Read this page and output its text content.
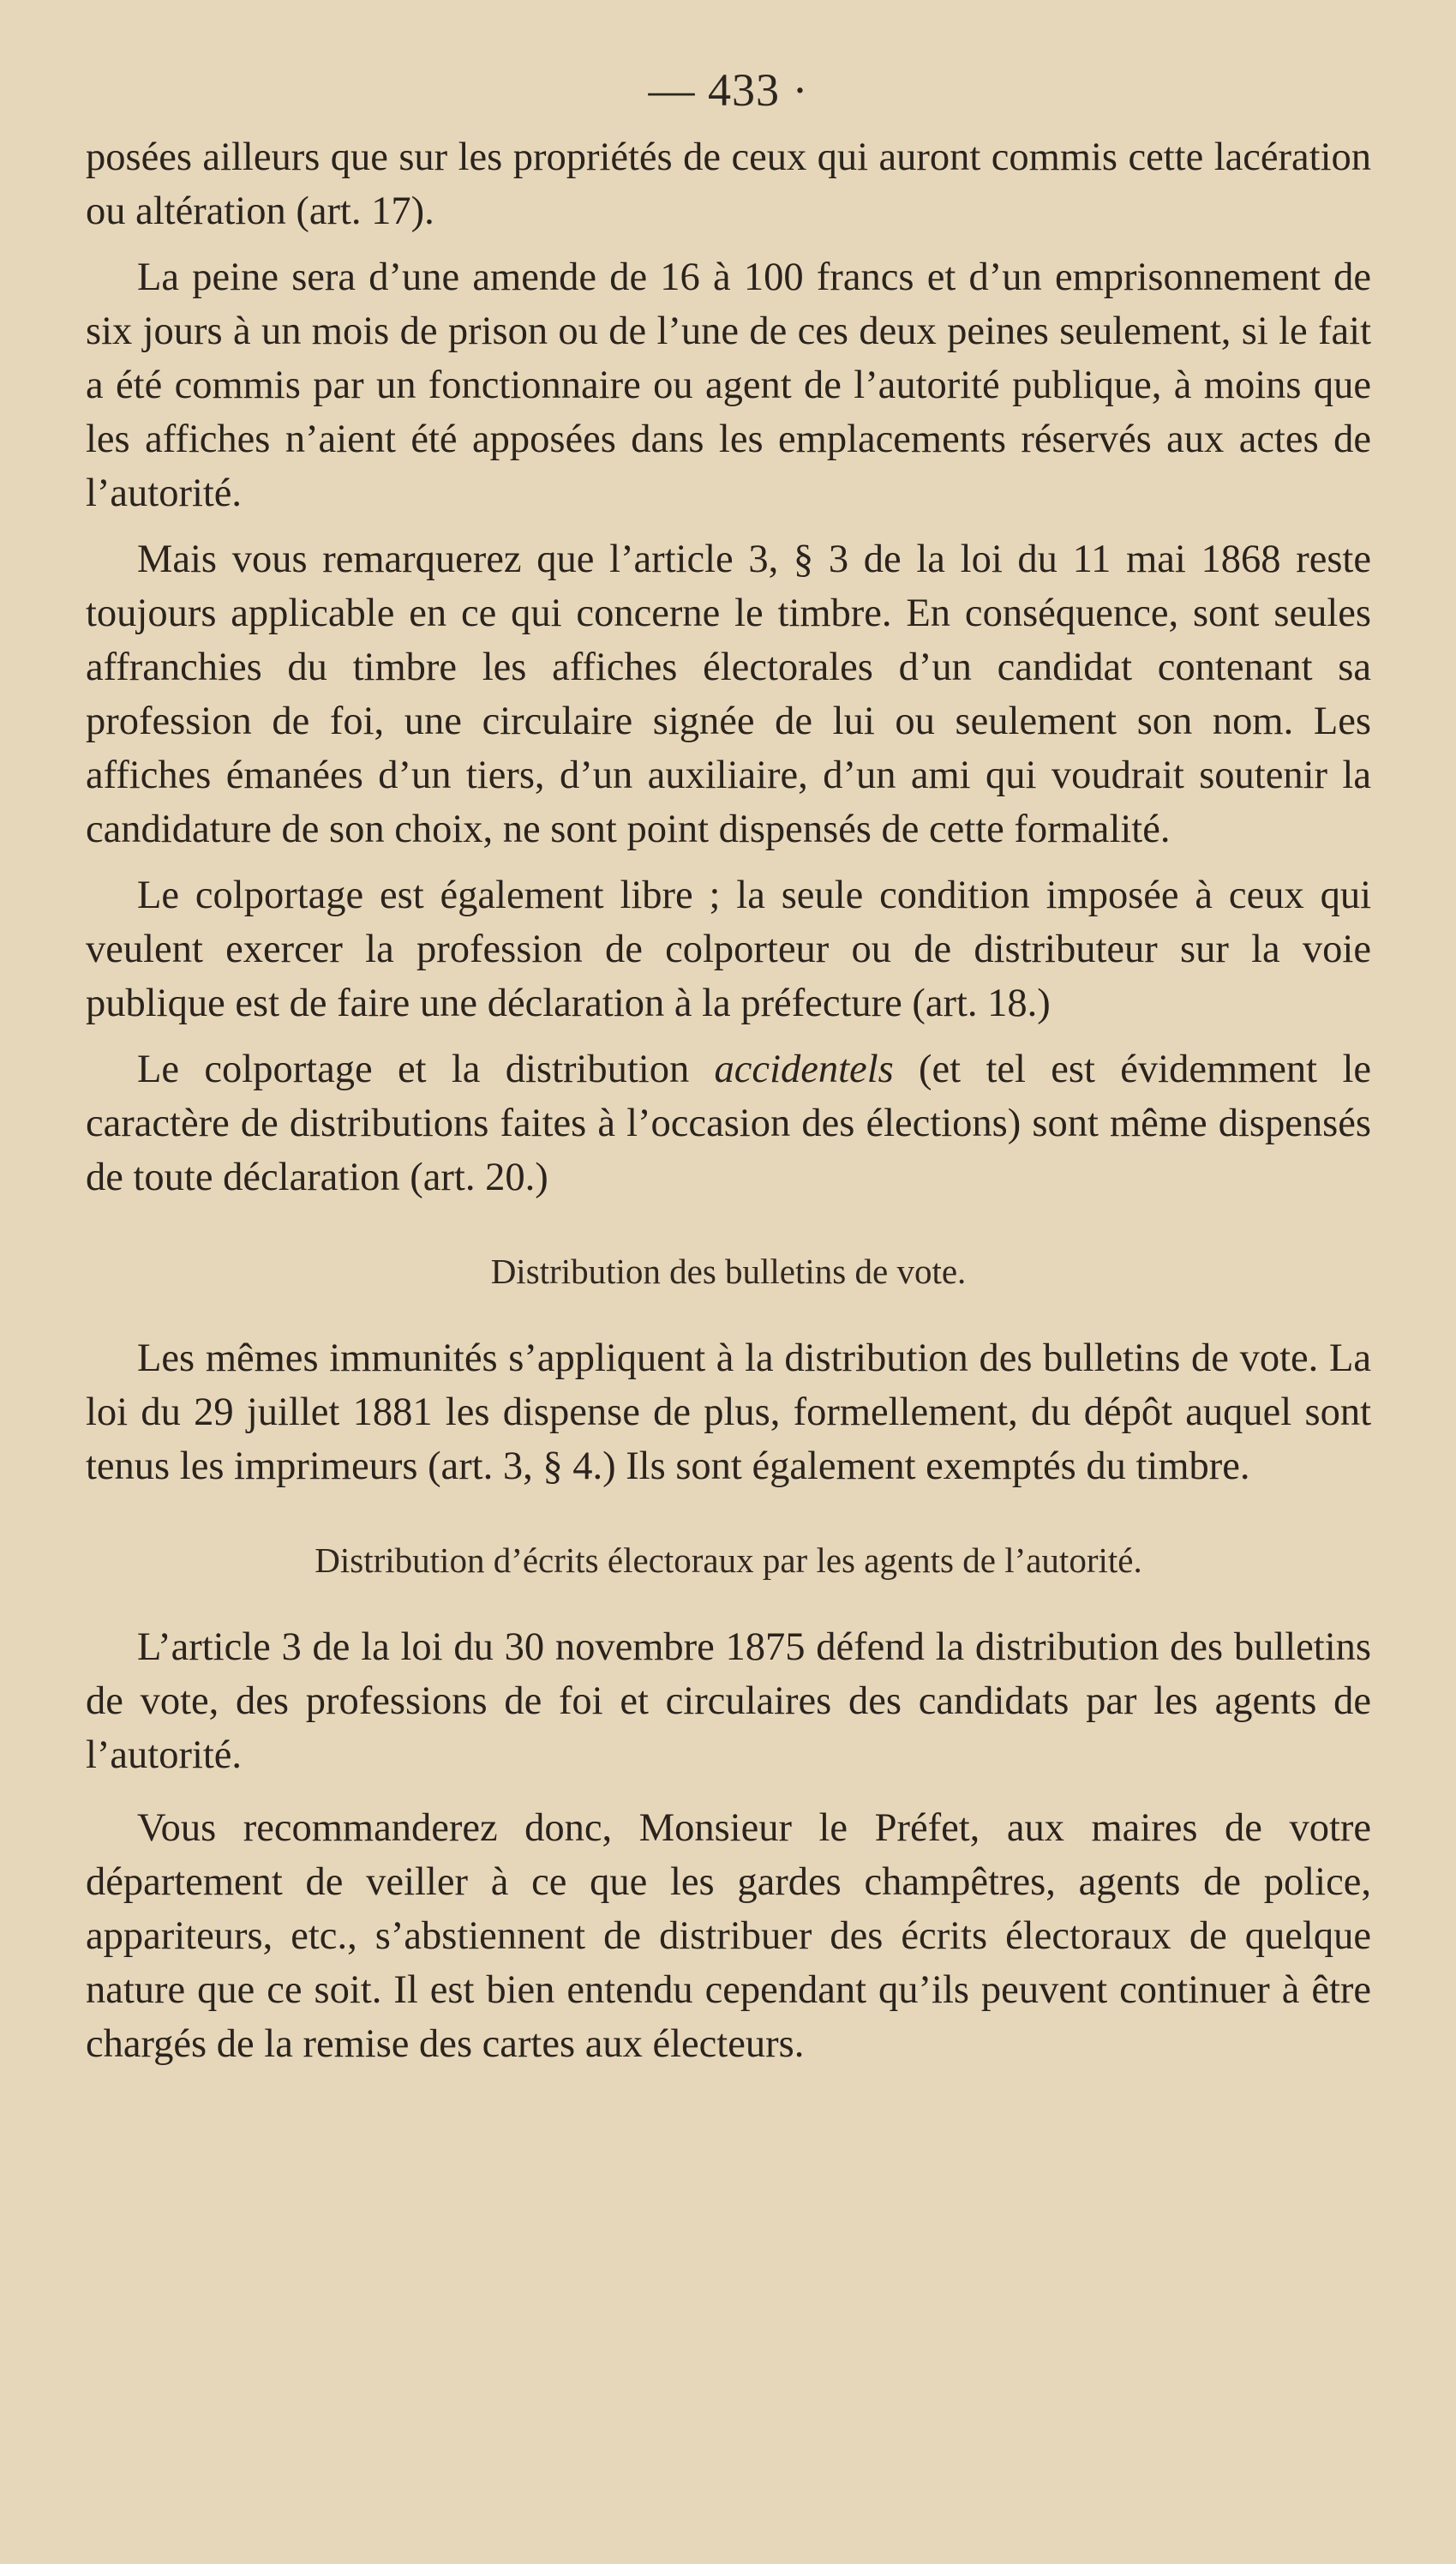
— 433 ·

posées ailleurs que sur les propriétés de ceux qui auront commis cette lacération ou altération (art. 17).

La peine sera d’une amende de 16 à 100 francs et d’un emprisonnement de six jours à un mois de prison ou de l’une de ces deux peines seulement, si le fait a été commis par un fonctionnaire ou agent de l’autorité publique, à moins que les affiches n’aient été apposées dans les emplacements réservés aux actes de l’autorité.

Mais vous remarquerez que l’article 3, § 3 de la loi du 11 mai 1868 reste toujours applicable en ce qui concerne le timbre. En conséquence, sont seules affranchies du timbre les affiches électorales d’un candidat contenant sa profession de foi, une circulaire signée de lui ou seulement son nom. Les affiches émanées d’un tiers, d’un auxiliaire, d’un ami qui voudrait soutenir la candidature de son choix, ne sont point dispensés de cette formalité.

Le colportage est également libre ; la seule condition imposée à ceux qui veulent exercer la profession de colporteur ou de distributeur sur la voie publique est de faire une déclaration à la préfecture (art. 18.)

Le colportage et la distribution accidentels (et tel est évidemment le caractère de distributions faites à l’occasion des élections) sont même dispensés de toute déclaration (art. 20.)

Distribution des bulletins de vote.

Les mêmes immunités s’appliquent à la distribution des bulletins de vote. La loi du 29 juillet 1881 les dispense de plus, formellement, du dépôt auquel sont tenus les imprimeurs (art. 3, § 4.) Ils sont également exemptés du timbre.

Distribution d’écrits électoraux par les agents de l’autorité.

L’article 3 de la loi du 30 novembre 1875 défend la distribution des bulletins de vote, des professions de foi et circulaires des candidats par les agents de l’autorité.

Vous recommanderez donc, Monsieur le Préfet, aux maires de votre département de veiller à ce que les gardes champêtres, agents de police, appariteurs, etc., s’abstiennent de distribuer des écrits électoraux de quelque nature que ce soit. Il est bien entendu cependant qu’ils peuvent continuer à être chargés de la remise des cartes aux électeurs.
